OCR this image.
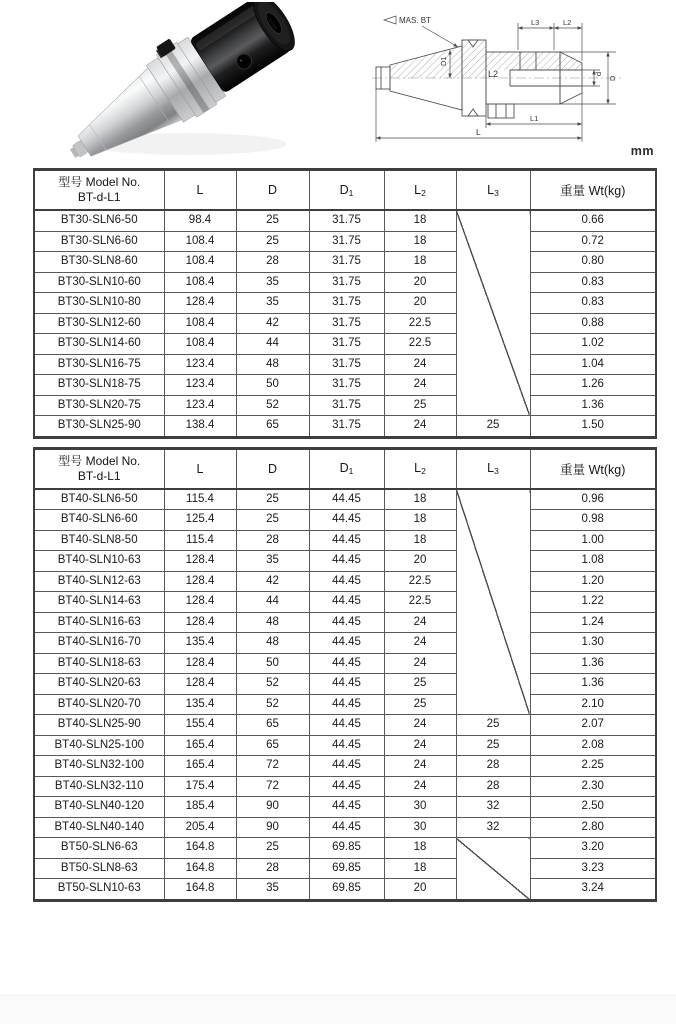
MAS. BT	L3	L2
D1
L2	d
D
L1
L
mm
型号 Model No.
BT-d-L1	L	D	$D_1$	$L_2$	$L_3$	重量 Wt(kg)
BT30-SLN6-50	98.4	25	31.75	18		0.66
BT30-SLN6-60	108.4	25	31.75	18		0.72
BT30-SLN8-60	108.4	28	31.75	18		0.80
BT30-SLN10-60	108.4	35	31.75	20		0.83
BT30-SLN10-80	128.4	35	31.75	20		0.83
BT30-SLN12-60	108.4	42	31.75	22.5		0.88
BT30-SLN14-60	108.4	44	31.75	22.5		1.02
BT30-SLN16-75	123.4	48	31.75	24		1.04
BT30-SLN18-75	123.4	50	31.75	24		1.26
BT30-SLN20-75	123.4	52	31.75	25		1.36
BT30-SLN25-90	138.4	65	31.75	24	25	1.50
型号 Model No.
BT-d-L1	L	D	$D_1$	$L_2$	$L_3$	重量 Wt(kg)
BT40-SLN6-50	115.4	25	44.45	18		0.96
BT40-SLN6-60	125.4	25	44.45	18		0.98
BT40-SLN8-50	115.4	28	44.45	18		1.00
BT40-SLN10-63	128.4	35	44.45	20		1.08
BT40-SLN12-63	128.4	42	44.45	22.5		1.20
BT40-SLN14-63	128.4	44	44.45	22.5		1.22
BT40-SLN16-63	128.4	48	44.45	24		1.24
BT40-SLN16-70	135.4	48	44.45	24		1.30
BT40-SLN18-63	128.4	50	44.45	24		1.36
BT40-SLN20-63	128.4	52	44.45	25		1.36
BT40-SLN20-70	135.4	52	44.45	25		2.10
BT40-SLN25-90	155.4	65	44.45	24	25	2.07
BT40-SLN25-100	165.4	65	44.45	24	25	2.08
BT40-SLN32-100	165.4	72	44.45	24	28	2.25
BT40-SLN32-110	175.4	72	44.45	24	28	2.30
BT40-SLN40-120	185.4	90	44.45	30	32	2.50
BT40-SLN40-140	205.4	90	44.45	30	32	2.80
BT50-SLN6-63	164.8	25	69.85	18		3.20
BT50-SLN8-63	164.8	28	69.85	18		3.23
BT50-SLN10-63	164.8	35	69.85	20		3.24
